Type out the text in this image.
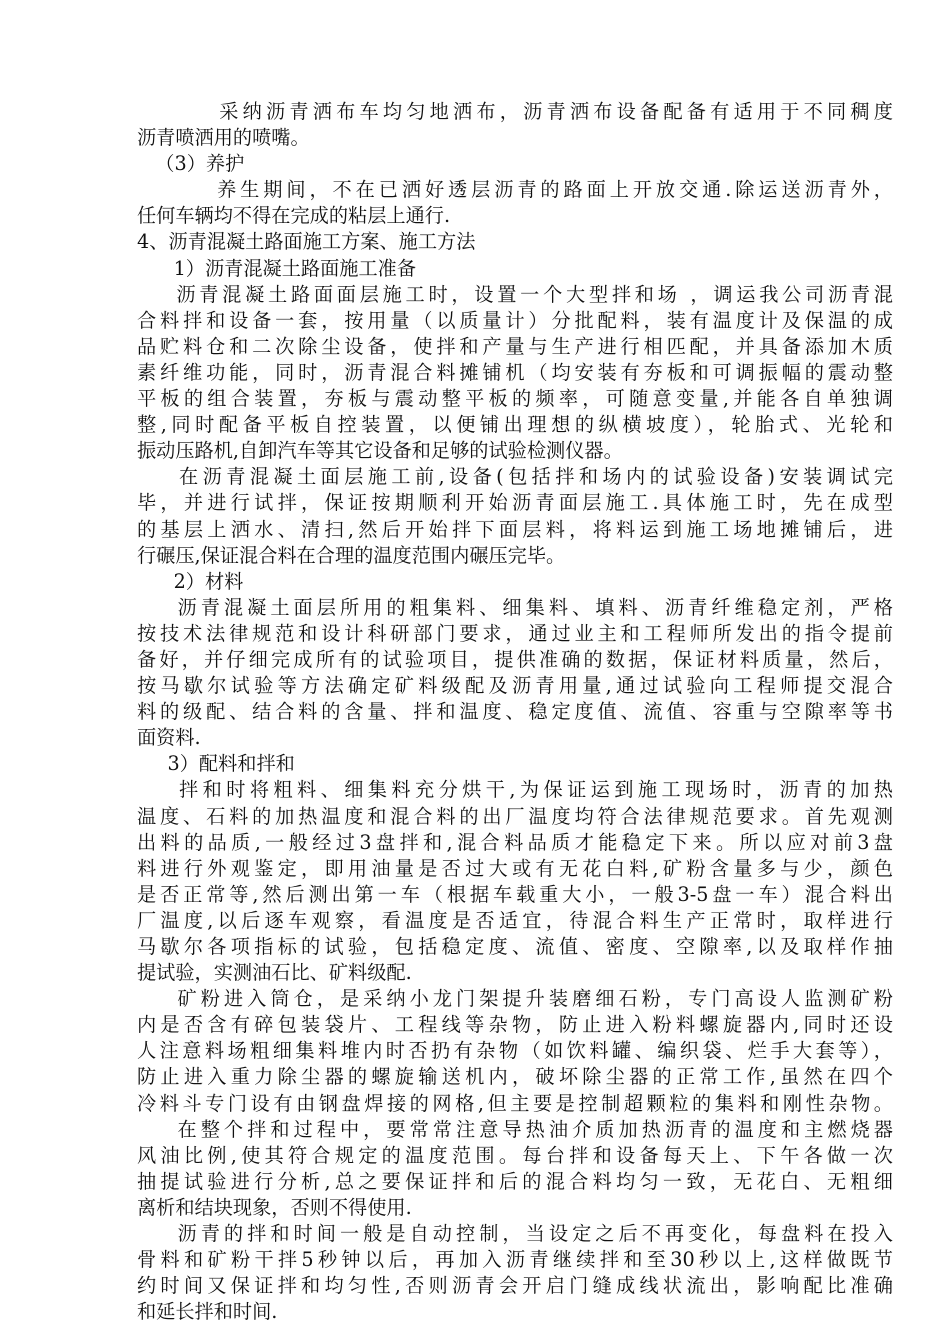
采纳沥青洒布车均匀地洒布，沥青洒布设备配备有适用于不同稠度
沥青喷洒用的喷嘴。
（3）养护
养生期间，不在已洒好透层沥青的路面上开放交通.除运送沥青外，
任何车辆均不得在完成的粘层上通行.
4、沥青混凝土路面施工方案、施工方法
1）沥青混凝土路面施工准备
沥青混凝土路面面层施工时，设置一个大型拌和场 ，调运我公司沥青混
合料拌和设备一套，按用量（以质量计）分批配料，装有温度计及保温的成
品贮料仓和二次除尘设备，使拌和产量与生产进行相匹配，并具备添加木质
素纤维功能，同时，沥青混合料摊铺机（均安装有夯板和可调振幅的震动整
平板的组合装置，夯板与震动整平板的频率，可随意变量,并能各自单独调
整,同时配备平板自控装置，以便铺出理想的纵横坡度），轮胎式、光轮和
振动压路机,自卸汽车等其它设备和足够的试验检测仪器。
在沥青混凝土面层施工前,设备(包括拌和场内的试验设备)安装调试完
毕，并进行试拌，保证按期顺利开始沥青面层施工.具体施工时，先在成型
的基层上洒水、清扫,然后开始拌下面层料，将料运到施工场地摊铺后，进
行碾压,保证混合料在合理的温度范围内碾压完毕。
2）材料
沥青混凝土面层所用的粗集料、细集料、填料、沥青纤维稳定剂，严格
按技术法律规范和设计科研部门要求，通过业主和工程师所发出的指令提前
备好，并仔细完成所有的试验项目，提供准确的数据，保证材料质量，然后，
按马歇尔试验等方法确定矿料级配及沥青用量,通过试验向工程师提交混合
料的级配、结合料的含量、拌和温度、稳定度值、流值、容重与空隙率等书
面资料.
3）配料和拌和
拌和时将粗料、细集料充分烘干,为保证运到施工现场时，沥青的加热
温度、石料的加热温度和混合料的出厂温度均符合法律规范要求。首先观测
出料的品质,一般经过3盘拌和,混合料品质才能稳定下来。所以应对前3盘
料进行外观鉴定，即用油量是否过大或有无花白料,矿粉含量多与少，颜色
是否正常等,然后测出第一车（根据车载重大小，一般3-5盘一车）混合料出
厂温度,以后逐车观察，看温度是否适宜，待混合料生产正常时，取样进行
马歇尔各项指标的试验，包括稳定度、流值、密度、空隙率,以及取样作抽
提试验，实测油石比、矿料级配.
矿粉进入筒仓，是采纳小龙门架提升装磨细石粉，专门高设人监测矿粉
内是否含有碎包装袋片、工程线等杂物，防止进入粉料螺旋器内,同时还设
人注意料场粗细集料堆内时否扔有杂物（如饮料罐、编织袋、烂手大套等），
防止进入重力除尘器的螺旋输送机内，破坏除尘器的正常工作,虽然在四个
冷料斗专门设有由钢盘焊接的网格,但主要是控制超颗粒的集料和刚性杂物。
在整个拌和过程中，要常常注意导热油介质加热沥青的温度和主燃烧器
风油比例,使其符合规定的温度范围。每台拌和设备每天上、下午各做一次
抽提试验进行分析,总之要保证拌和后的混合料均匀一致，无花白、无粗细
离析和结块现象，否则不得使用.
沥青的拌和时间一般是自动控制，当设定之后不再变化，每盘料在投入
骨料和矿粉干拌5秒钟以后，再加入沥青继续拌和至30秒以上,这样做既节
约时间又保证拌和均匀性,否则沥青会开启门缝成线状流出，影响配比准确
和延长拌和时间.
